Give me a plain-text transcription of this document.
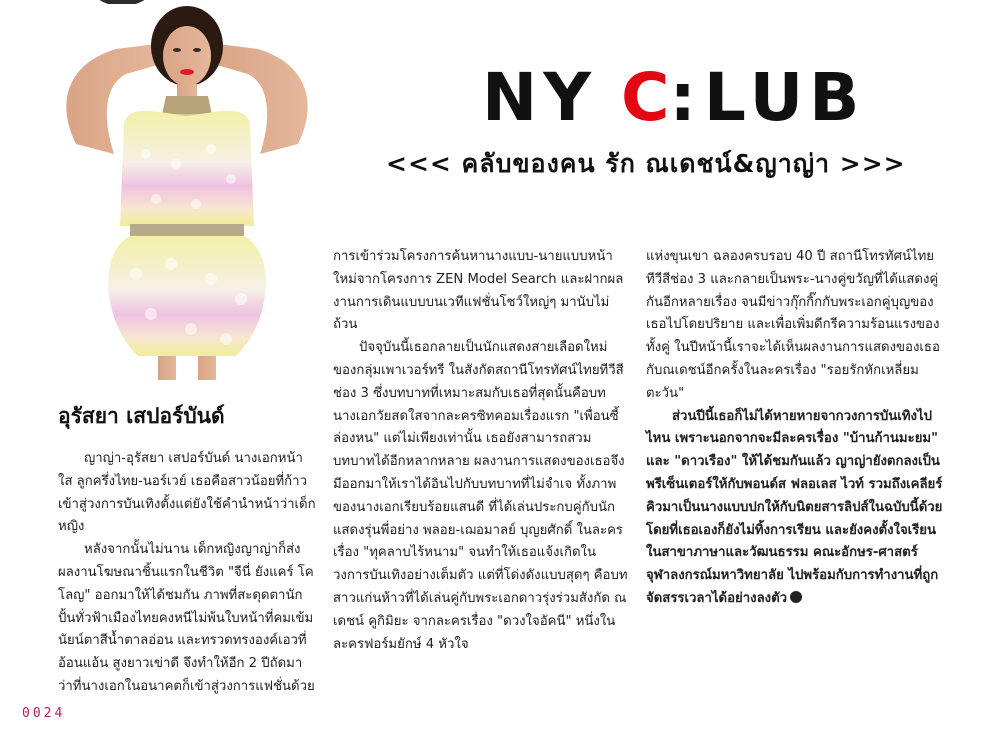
NY C:LUB
<<< คลับของคน รัก ณเดชน์&ญาญ่า >>>
อุรัสยา เสปอร์บันด์

ญาญ่า-อุรัสยา เสปอร์บันด์ นางเอกหน้าใส ลูกครึ่งไทย-นอร์เวย์ เธอคือสาวน้อยที่ก้าวเข้าสู่วงการบันเทิงตั้งแต่ยังใช้คำนำหน้าว่าเด็กหญิง

หลังจากนั้นไม่นาน เด็กหญิงญาญ่าก็ส่งผลงานโฆษณาชิ้นแรกในชีวิต "จีนี่ ยังแคร์ โคโลญ" ออกมาให้ได้ชมกัน ภาพที่สะดุดตานักปั้นทั่วฟ้าเมืองไทยคงหนีไม่พ้นใบหน้าที่คมเข้ม นัยน์ตาสีน้ำตาลอ่อน และทรวดทรงองค์เอวที่อ้อนแอ้น สูงยาวเข่าดี จึงทำให้อีก 2 ปีถัดมาว่าที่นางเอกในอนาคตก็เข้าสู่วงการแฟชั่นด้วย

การเข้าร่วมโครงการค้นหานางแบบ-นายแบบหน้าใหม่จากโครงการ ZEN Model Search และฝากผลงานการเดินแบบบนเวทีแฟชั่นโชว์ใหญ่ๆ มานับไม่ถ้วน

ปัจจุบันนี้เธอกลายเป็นนักแสดงสายเลือดใหม่ของกลุ่มเพาเวอร์ทรี ในสังกัดสถานีโทรทัศน์ไทยทีวีสีช่อง 3 ซึ่งบทบาทที่เหมาะสมกับเธอที่สุดนั้นคือบทนางเอกวัยสดใสจากละครซิทคอมเรื่องแรก "เพื่อนซี้ล่องหน" แต่ไม่เพียงเท่านั้น เธอยังสามารถสวมบทบาทได้อีกหลากหลาย ผลงานการแสดงของเธอจึงมีออกมาให้เราได้อินไปกับบทบาทที่ไม่จำเจ ทั้งภาพของนางเอกเรียบร้อยแสนดี ที่ได้เล่นประกบคู่กับนักแสดงรุ่นพี่อย่าง พลอย-เฌอมาลย์ บุญยศักดิ์ ในละครเรื่อง "ทุคลาบไร้หนาม" จนทำให้เธอแจ้งเกิดในวงการบันเทิงอย่างเต็มตัว แต่ที่โด่งดังแบบสุดๆ คือบทสาวแก่นห้าวที่ได้เล่นคู่กับพระเอกดาวรุ่งร่วมสังกัด ณเดชน์ คูกิมิยะ จากละครเรื่อง "ดวงใจอัคนี" หนึ่งในละครฟอร์มยักษ์ 4 หัวใจ

แห่งขุนเขา ฉลองครบรอบ 40 ปี สถานีโทรทัศน์ไทยทีวีสีช่อง 3 และกลายเป็นพระ-นางคู่ขวัญที่ได้แสดงคู่กันอีกหลายเรื่อง จนมีข่าวกุ๊กกิ๊กกับพระเอกคู่บุญของเธอไปโดยปริยาย และเพื่อเพิ่มดีกรีความร้อนแรงของทั้งคู่ ในปีหน้านี้เราจะได้เห็นผลงานการแสดงของเธอกับณเดชน์อีกครั้งในละครเรื่อง "รอยรักหักเหลี่ยมตะวัน"

ส่วนปีนี้เธอก็ไม่ได้หายหายจากวงการบันเทิงไปไหน เพราะนอกจากจะมีละครเรื่อง "บ้านก้านมะยม" และ "ดาวเรือง" ให้ได้ชมกันแล้ว ญาญ่ายังตกลงเป็นพรีเซ็นเตอร์ให้กับพอนด์ส ฟลอเลส ไวท์ รวมถึงเคลียร์ คิวมาเป็นนางแบบปกให้กับนิตยสารลิปส์ในฉบับนี้ด้วย โดยที่เธอเองก็ยังไม่ทิ้งการเรียน และยังคงตั้งใจเรียนในสาขาภาษาและวัฒนธรรม คณะอักษร-ศาสตร์ จุฬาลงกรณ์มหาวิทยาลัย ไปพร้อมกับการทำงานที่ถูกจัดสรรเวลาได้อย่างลงตัว

0024
